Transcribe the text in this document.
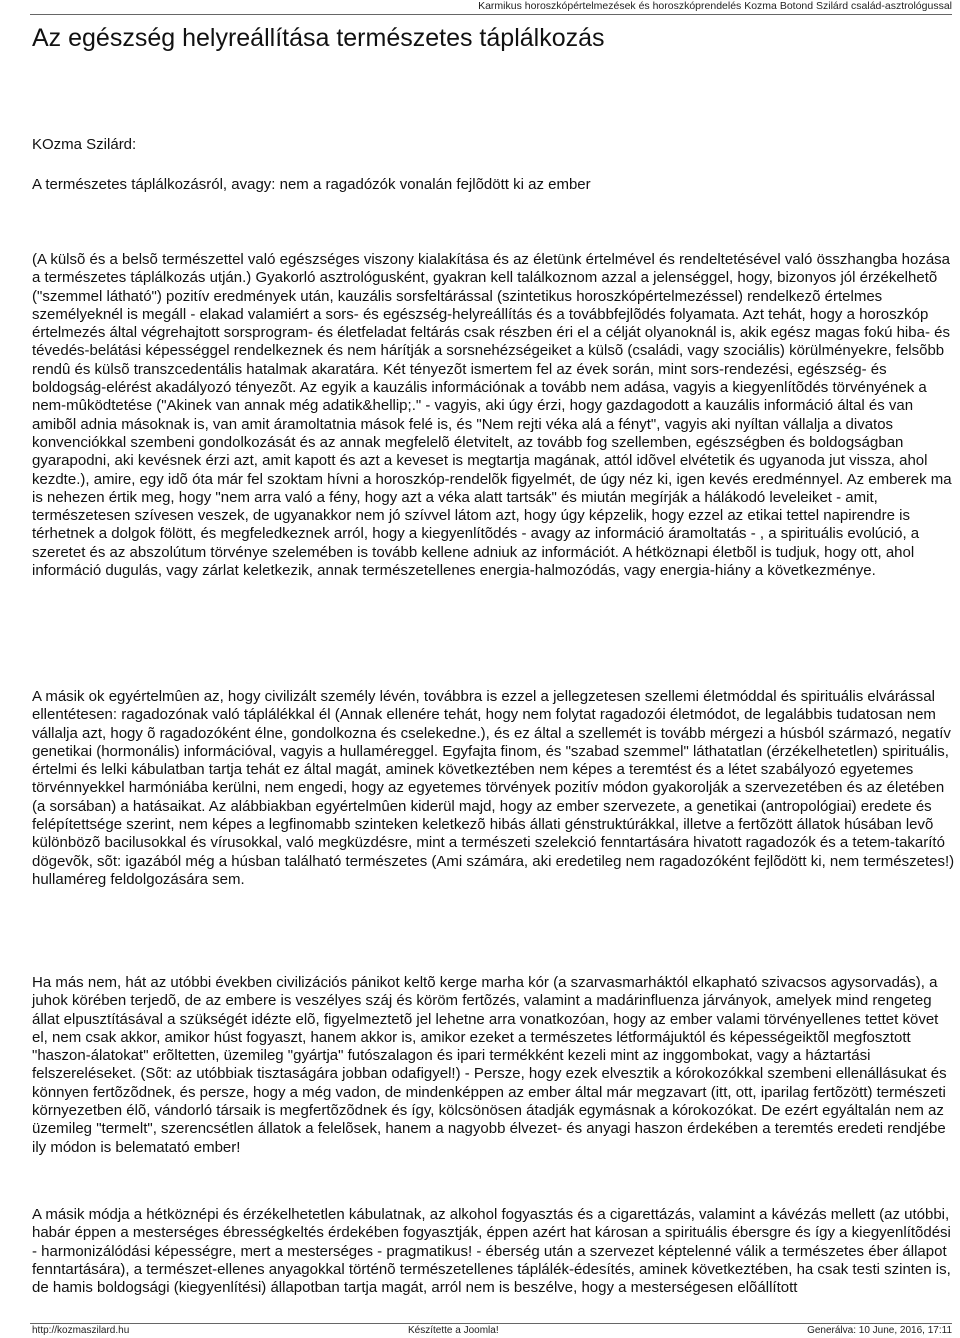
Karmikus horoszkópértelmezések és horoszkóprendelés Kozma Botond Szilárd család-asztrológussal
Az egészség helyreállítása természetes táplálkozás
KOzma Szilárd:
A természetes táplálkozásról, avagy: nem a ragadózók vonalán fejlõdött ki az ember

(A külsõ és a belsõ természettel való egészséges viszony kialakítása és az életünk értelmével és rendeltetésével való összhangba hozása a természetes táplálkozás utján.) Gyakorló asztrológusként, gyakran kell találkoznom azzal a jelenséggel, hogy, bizonyos jól érzékelhetõ ("szemmel látható") pozitív eredmények után, kauzális sorsfeltárással (szintetikus horoszkópértelmezéssel) rendelkezõ értelmes személyeknél is megáll - elakad valamiért a sors- és egészség-helyreállítás és a továbbfejlõdés folyamata. Azt tehát, hogy a horoszkóp értelmezés által végrehajtott sorsprogram- és életfeladat feltárás csak részben éri el a célját olyanoknál is, akik egész magas fokú hiba- és tévedés-belátási képességgel rendelkeznek és nem hárítják a sorsnehézségeiket a külsõ (családi, vagy szociális) körülményekre, felsõbb rendû és külsõ transzcedentális hatalmak akaratára. Két tényezõt ismertem fel az évek során, mint sors-rendezési, egészség- és boldogság-elérést akadályozó tényezõt. Az egyik a kauzális információnak a tovább nem adása, vagyis a kiegyenlítõdés törvényének a nem-mûködtetése ("Akinek van annak még adatik&hellip;." - vagyis, aki úgy érzi, hogy gazdagodott a kauzális információ által és van amibõl adnia másoknak is, van amit áramoltatnia mások felé is, és "Nem rejti véka alá a fényt", vagyis aki nyíltan vállalja a divatos konvenciókkal szembeni gondolkozását és az annak megfelelõ életvitelt, az tovább fog szellemben, egészségben és boldogságban gyarapodni, aki kevésnek érzi azt, amit kapott és azt a keveset is megtartja magának, attól idõvel elvétetik és ugyanoda jut vissza, ahol kezdte.), amire, egy idõ óta már fel szoktam hívni a horoszkóp-rendelõk figyelmét, de úgy néz ki, igen kevés eredménnyel. Az emberek ma is nehezen értik meg, hogy "nem arra való a fény, hogy azt a véka alatt tartsák" és miután megírják a hálákodó leveleiket - amit, természetesen szívesen veszek, de ugyanakkor nem jó szívvel látom azt, hogy úgy képzelik, hogy ezzel az etikai tettel napirendre is térhetnek a dolgok fölött, és megfeledkeznek arról, hogy a kiegyenlítõdés - avagy az információ áramoltatás - , a spirituális evolúció, a szeretet és az abszolútum törvénye szelemében is tovább kellene adniuk az információt. A hétköznapi életbõl is tudjuk, hogy ott, ahol információ dugulás, vagy zárlat keletkezik, annak természetellenes energia-halmozódás, vagy energia-hiány a következménye.

A másik ok egyértelmûen az, hogy civilizált személy lévén, továbbra is ezzel a jellegzetesen szellemi életmóddal és spirituális elvárással ellentétesen: ragadozónak való táplálékkal él (Annak ellenére tehát, hogy nem folytat ragadozói életmódot, de legalábbis tudatosan nem vállalja azt, hogy õ ragadozóként élne, gondolkozna és cselekedne.), és ez által a szellemét is tovább mérgezi a húsból származó, negatív genetikai (hormonális) információval, vagyis a hullaméreggel. Egyfajta finom, és "szabad szemmel" láthatatlan (érzékelhetetlen) spirituális, értelmi és lelki kábulatban tartja tehát ez által magát, aminek következtében nem képes a teremtést és a létet szabályozó egyetemes törvénnyekkel harmóniába kerülni, nem engedi, hogy az egyetemes törvények pozitív módon gyakorolják a szervezetében és az életében (a sorsában) a hatásaikat. Az alábbiakban egyértelmûen kiderül majd, hogy az ember szervezete, a genetikai (antropológiai) eredete és felépítettsége szerint, nem képes a legfinomabb szinteken keletkezõ hibás állati génstruktúrákkal, illetve a fertõzött állatok húsában levõ különbözõ bacilusokkal és vírusokkal, való megküzdésre, mint a természeti szelekció fenntartására hivatott ragadozók és a tetem-takarító dögevõk, sõt: igazából még a húsban található természetes (Ami számára, aki eredetileg nem ragadozóként fejlõdött ki, nem természetes!) hullaméreg feldolgozására sem.

Ha más nem, hát az utóbbi években civilizációs pánikot keltõ kerge marha kór (a szarvasmarháktól elkapható szivacsos agysorvadás), a juhok körében terjedõ, de az embere is veszélyes száj és köröm fertõzés, valamint a madárinfluenza járványok, amelyek mind rengeteg állat elpusztításával a szükségét idézte elõ, figyelmeztetõ jel lehetne arra vonatkozóan, hogy az ember valami törvényellenes tettet követ el, nem csak akkor, amikor húst fogyaszt, hanem akkor is, amikor ezeket a természetes létformájuktól és képességeiktõl megfosztott "haszon-álatokat" erõltetten, üzemileg "gyártja" futószalagon és ipari termékként kezeli mint az inggombokat, vagy a háztartási felszereléseket. (Sõt: az utóbbiak tisztaságára jobban odafigyel!) - Persze, hogy ezek elvesztik a kórokozókkal szembeni ellenállásukat és könnyen fertõzõdnek, és persze, hogy a még vadon, de mindenképpen az ember által már megzavart (itt, ott, iparilag fertõzött) természeti környezetben élõ, vándorló társaik is megfertõzõdnek és így, kölcsönösen átadják egymásnak a kórokozókat. De ezért egyáltalán nem az üzemileg "termelt", szerencsétlen állatok a felelõsek, hanem a nagyobb élvezet- és anyagi haszon érdekében a teremtés eredeti rendjébe ily módon is belematató ember!

A másik módja a hétköznépi és érzékelhetetlen kábulatnak, az alkohol fogyasztás és a cigarettázás, valamint a kávézás mellett (az utóbbi, habár éppen a mesterséges ébrességkeltés érdekében fogyasztják, éppen azért hat károsan a spirituális ébersgre és így a kiegyenlítõdési - harmonizálódási képességre, mert a mesterséges - pragmatikus! - éberség után a szervezet képtelenné válik a természetes éber állapot fenntartására), a természet-ellenes anyagokkal történõ természetellenes táplálék-édesítés, aminek következtében, ha csak testi szinten is, de hamis boldogsági (kiegyenlítési) állapotban tartja magát, arról nem is beszélve, hogy a mesterségesen elõállított

http://kozmaszilard.hu	Készítette a Joomla!	Generálva: 10 June, 2016, 17:11
